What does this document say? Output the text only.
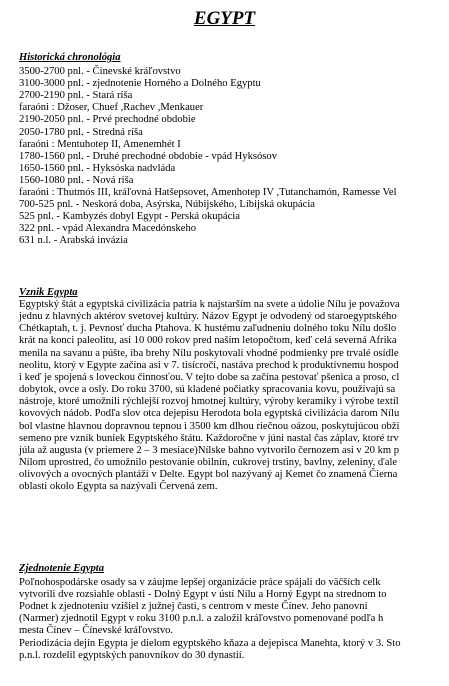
EGYPT
Historická chronológia
3500-2700 pnl. - Čínevské kráľovstvo
3100-3000 pnl. - zjednotenie Horného a Dolného Egyptu
2700-2190 pnl. - Stará ríša
faraóni : Džoser, Chuef ,Rachev ,Menkauer
2190-2050 pnl. - Prvé prechodné obdobie
2050-1780 pnl. - Stredná ríša
faraóni : Mentuhotep II, Amenemhét I
1780-1560 pnl. - Druhé prechodné obdobie - vpád Hyksósov
1650-1560 pnl. - Hyksóska nadvláda
1560-1080 pnl. - Nová ríša
faraóni : Thutmós III, kráľovná Hatšepsovet, Amenhotep IV ,Tutanchamón, Ramesse Vel
700-525 pnl. - Neskorá doba, Asýrska, Núbijského, Líbijská okupácia
525 pnl. - Kambyzés dobyl Egypt - Perská okupácia
322 pnl. - vpád Alexandra Macedónskeho
631 n.l. - Arabská invázia
Vznik Egypta
Egyptský štát a egyptská civilizácia patria k najstarším na svete a údolie Nílu je považova
jednu z hlavných aktérov svetovej kultúry. Názov Egypt je odvodený od staroegyptského
Chétkaptah, t. j. Pevnosť ducha Ptahova. K hustému zaľudneniu dolného toku Nílu došlo
krát na konci paleolitu, asi 10 000 rokov pred naším letopočtom, keď celá severná Afrika
menila na savanu a púšte, iba brehy Nílu poskytovali vhodné podmienky pre trvalé osídle
neolitu, ktorý v Egypte začína asi v 7. tisícročí, nastáva prechod k produktívnemu hospod
i keď je spojená s loveckou činnosťou. V tejto dobe sa začína pestovať pšenica a proso, cl
dobytok, ovce a osly. Do roku 3700, sú kladené počiatky spracovania kovu, používajú sa
nástroje, ktoré umožnili rýchlejší rozvoj hmotnej kultúry, výroby keramiky i výrobe textíl
kovových nádob. Podľa slov otca dejepisu Herodota bola egyptská civilizácia darom Nílu
bol vlastne hlavnou dopravnou tepnou i 3500 km dlhou riečnou oázou, poskytujúcou obži
semeno pre vznik buniek Egyptského štátu. Každoročne v júni nastal čas záplav, ktoré trv
júla až augusta (v priemere 2 – 3 mesiace)Nílske bahno vytvorilo černozem asi v 20 km p
Nílom uprostred, čo umožnilo pestovanie obilnín, cukrovej trstiny, bavlny, zeleniny, ďale
olivových a ovocných plantáží v Delte. Egypt bol nazývaný aj Kemet čo znamená Čierna
oblasti okolo Egypta sa nazývali Červená zem.
Zjednotenie Egypta
Poľnohospodárske osady sa v záujme lepšej organizácie práce spájali do väčších celk
vytvorili dve rozsiahle oblasti - Dolný Egypt v ústí Nílu a Horný Egypt na strednom to
Podnet k zjednoteniu vzišiel z južnej časti, s centrom v meste Čínev. Jeho panovní
(Narmer) zjednotil Egypt v roku 3100 p.n.l. a založil kráľovstvo pomenované podľa h
mesta Čínev – Čínevské kráľovstvo.
Periodizácia dejín Egypta je dielom egyptského kňaza a dejepisca Manehta, ktorý v 3. Sto
p.n.l. rozdelil egyptských panovníkov do 30 dynastií.
